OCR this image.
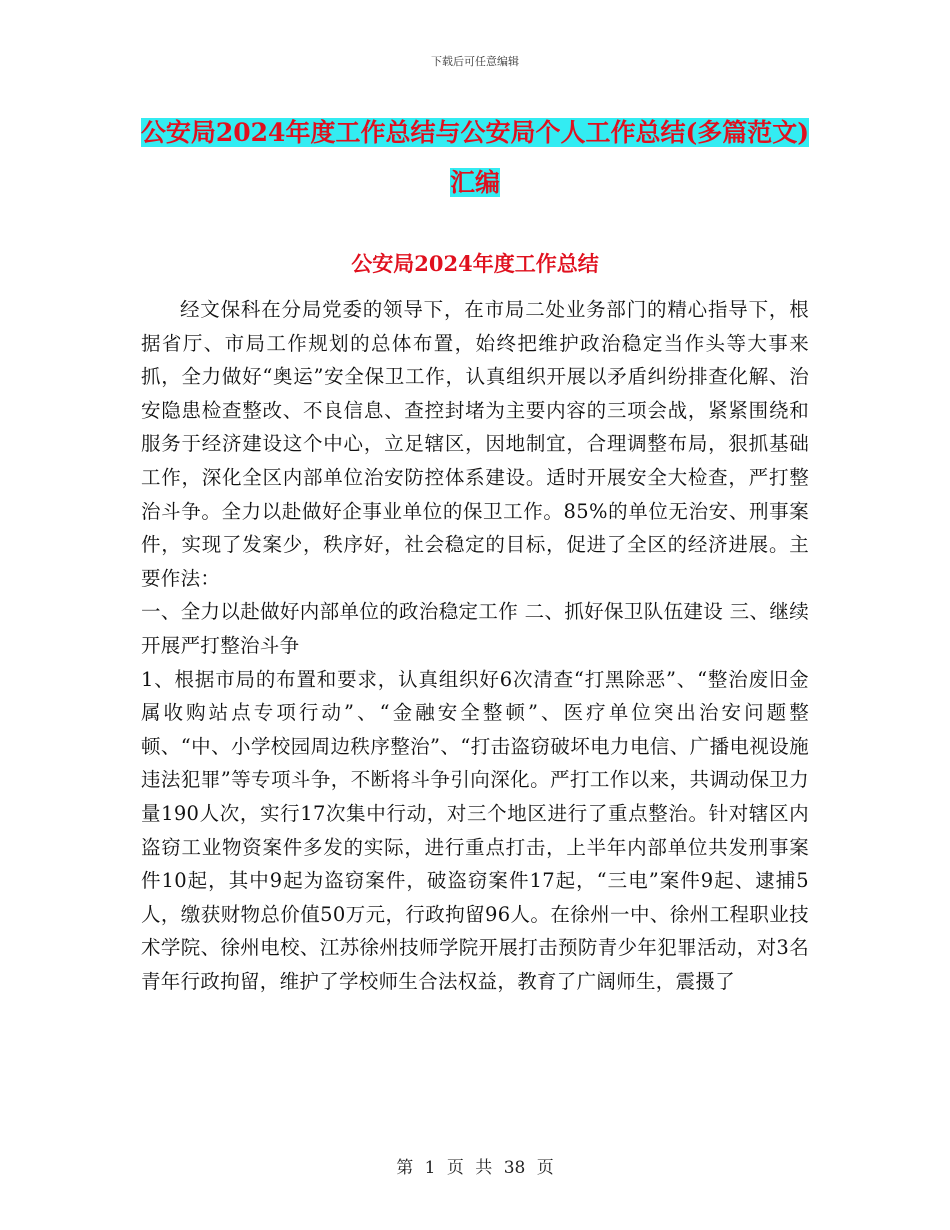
下载后可任意编辑
公安局2024年度工作总结与公安局个人工作总结(多篇范文)汇编
公安局2024年度工作总结

经文保科在分局党委的领导下，在市局二处业务部门的精心指导下，根据省厅、市局工作规划的总体布置，始终把维护政治稳定当作头等大事来抓，全力做好“奥运”安全保卫工作，认真组织开展以矛盾纠纷排查化解、治安隐患检查整改、不良信息、查控封堵为主要内容的三项会战，紧紧围绕和服务于经济建设这个中心，立足辖区，因地制宜，合理调整布局，狠抓基础工作，深化全区内部单位治安防控体系建设。适时开展安全大检查，严打整治斗争。全力以赴做好企事业单位的保卫工作。85%的单位无治安、刑事案件，实现了发案少，秩序好，社会稳定的目标，促进了全区的经济进展。主要作法：

一、全力以赴做好内部单位的政治稳定工作 二、抓好保卫队伍建设 三、继续开展严打整治斗争

1、根据市局的布置和要求，认真组织好6次清查“打黑除恶”、“整治废旧金属收购站点专项行动”、“金融安全整顿”、医疗单位突出治安问题整顿、“中、小学校园周边秩序整治”、“打击盗窃破坏电力电信、广播电视设施违法犯罪”等专项斗争，不断将斗争引向深化。严打工作以来，共调动保卫力量190人次，实行17次集中行动，对三个地区进行了重点整治。针对辖区内盗窃工业物资案件多发的实际，进行重点打击，上半年内部单位共发刑事案件10起，其中9起为盗窃案件，破盗窃案件17起，“三电”案件9起、逮捕5人，缴获财物总价值50万元，行政拘留96人。在徐州一中、徐州工程职业技术学院、徐州电校、江苏徐州技师学院开展打击预防青少年犯罪活动，对3名青年行政拘留，维护了学校师生合法权益，教育了广阔师生，震摄了

第 1 页 共 38 页
